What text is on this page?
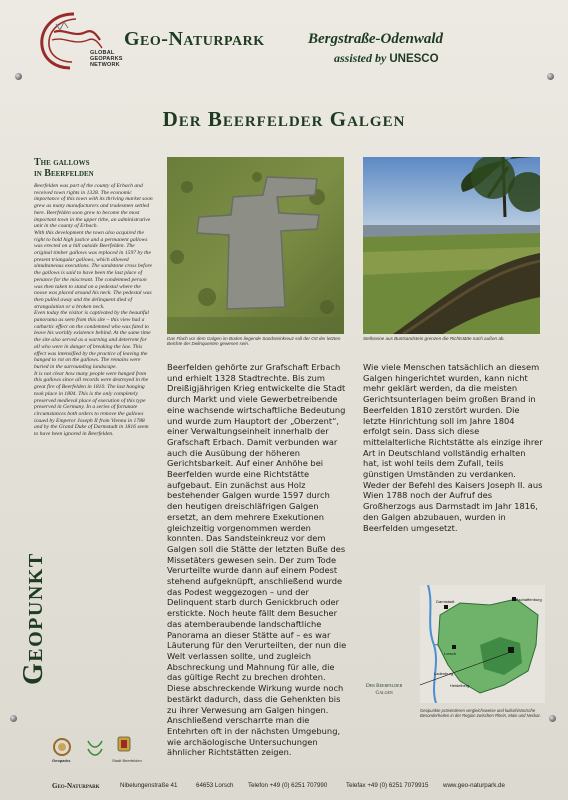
GLOBAL
GEOPARKS
NETWORK
Geo-Naturpark	Bergstraße-Odenwald
assisted by UNESCO
Der Beerfelder Galgen
The gallows
in Beerfelden

Beerfelden was part of the county of Erbach and received town rights in 1328. The economic importance of this town with its thriving market soon grew as many manufacturers and tradesmen settled here. Beerfelden soon grew to become the most important town in the upper tithe, an administrative unit in the county of Erbach.

With this development the town also acquired the right to hold high justice and a permanent gallows was erected on a hill outside Beerfelden. The original timber gallows was replaced in 1597 by the present triangular gallows, which allowed simultaneous executions. The sandstone cross before the gallows is said to have been the last place of penance for the miscreant. The condemned person was then taken to stand on a pedestal where the noose was placed around his neck. The pedestal was then pulled away and the delinquent died of strangulation or a broken neck.

Even today the visitor is captivated by the beautiful panorama as seen from this site – this view had a cathartic effect on the condemned who was fated to leave his worldly existence behind. At the same time the site also served as a warning and deterrent for all who were in danger of breaking the law. This effect was intensified by the practice of leaving the hanged to rot on the gallows. The remains were buried in the surrounding landscape.

It is not clear how many people were hanged from this gallows since all records were destroyed in the great fire of Beerfelden in 1810. The last hanging took place in 1804. This is the only completely preserved medieval place of execution of this type preserved in Germany. In a series of fortunate circumstances both orders to remove the gallows issued by Emperor Joseph II from Vienna in 1788 and by the Grand Duke of Darmstadt in 1816 seem to have been ignored in Beerfelden.

Geopunkt
Das Flach vor dem Galgen im Boden liegende Sandsteinkreuz soll der Ort der letzten Beichte der Delinquenten gewesen sein.
Stellsteine aus Buntsandstein grenzen die Richtstätte nach außen ab.
Beerfelden gehörte zur Grafschaft Erbach und erhielt 1328 Stadtrechte. Bis zum Dreißigjährigen Krieg entwickelte die Stadt durch Markt und viele Gewerbetreibende eine wachsende wirtschaftliche Bedeutung und wurde zum Hauptort der „Oberzent“, einer Verwaltungseinheit innerhalb der Grafschaft Erbach. Damit verbunden war auch die Ausübung der höheren Gerichtsbarkeit. Auf einer Anhöhe bei Beerfelden wurde eine Richtstätte aufgebaut. Ein zunächst aus Holz bestehender Galgen wurde 1597 durch den heutigen dreischläfrigen Galgen ersetzt, an dem mehrere Exekutionen gleichzeitig vorgenommen werden konnten. Das Sandsteinkreuz vor dem Galgen soll die Stätte der letzten Buße des Missetäters gewesen sein. Der zum Tode Verurteilte wurde dann auf einem Podest stehend aufgeknüpft, anschließend wurde das Podest weggezogen – und der Delinquent starb durch Genickbruch oder erstickte. Noch heute fällt dem Besucher das atemberaubende landschaftliche Panorama an dieser Stätte auf – es war Läuterung für den Verurteilten, der nun die Welt verlassen sollte, und zugleich Abschreckung und Mahnung für alle, die das gültige Recht zu brechen drohten. Diese abschreckende Wirkung wurde noch bestärkt dadurch, dass die Gehenkten bis zu ihrer Verwesung am Galgen hingen. Anschließend verscharrte man die Entehrten oft in der nächsten Umgebung, wie archäologische Untersuchungen ähnlicher Richtstätten zeigen.
Wie viele Menschen tatsächlich an diesem Galgen hingerichtet wurden, kann nicht mehr geklärt werden, da die meisten Gerichtsunterlagen beim großen Brand in Beerfelden 1810 zerstört wurden. Die letzte Hinrichtung soll im Jahre 1804 erfolgt sein. Dass sich diese mittelalterliche Richtstätte als einzige ihrer Art in Deutschland vollständig erhalten hat, ist wohl teils dem Zufall, teils günstigen Umständen zu verdanken. Weder der Befehl des Kaisers Joseph II. aus Wien 1788 noch der Aufruf des Großherzogs aus Darmstadt im Jahr 1816, den Galgen abzubauen, wurden in Beerfelden umgesetzt.
Aschaffenburg
Darmstadt
Lorsch
Ladenburg
Heidelberg
Der Beerfelder
Galgen
Geopunkte präsentieren vergleichsweise und kulturhistorische Besonderheiten in der Region zwischen Rhein, Main und Neckar.
Geoparks	Stadt Beerfelden
Geo-Naturpark	Nibelungenstraße 41	64653 Lorsch Telefon +49 (0) 6251 707990	Telefax +49 (0) 6251 7079915 www.geo-naturpark.de
